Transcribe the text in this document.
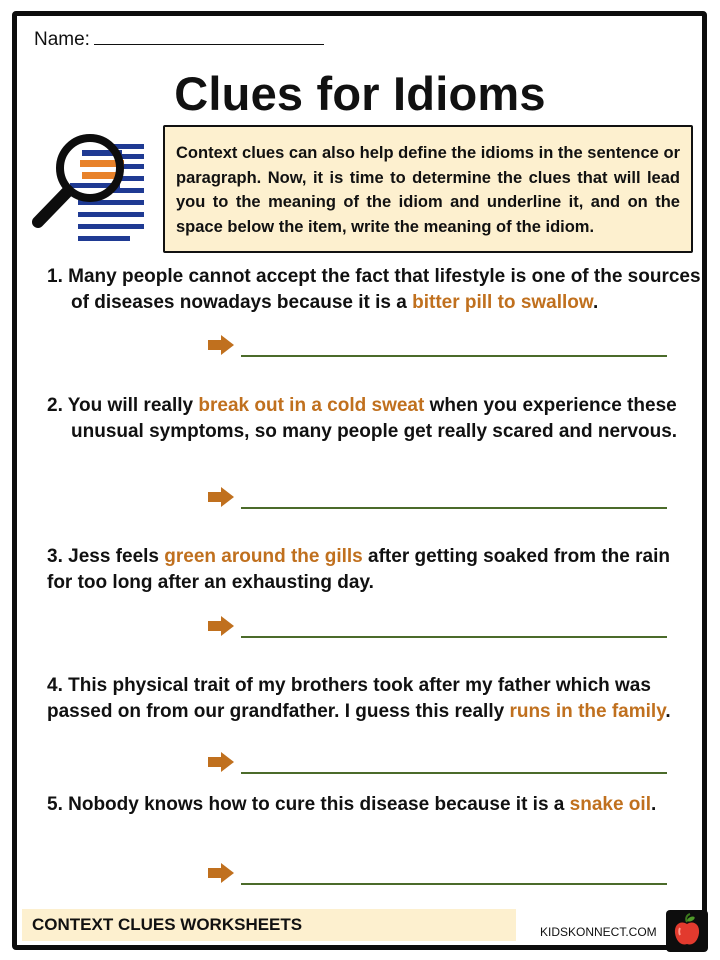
Name:
Clues for Idioms
Context clues can also help define the idioms in the sentence or paragraph. Now, it is time to determine the clues that will lead you to the meaning of the idiom and underline it, and on the space below the item, write the meaning of the idiom.
1. Many people cannot accept the fact that lifestyle is one of the sources of diseases nowadays because it is a bitter pill to swallow.
2. You will really break out in a cold sweat when you experience these unusual symptoms, so many people get really scared and nervous.
3. Jess feels green around the gills after getting soaked from the rain for too long after an exhausting day.
4. This physical trait of my brothers took after my father which was passed on from our grandfather. I guess this really runs in the family.
5. Nobody knows how to cure this disease because it is a snake oil.
CONTEXT CLUES WORKSHEETS	KIDSKONNECT.COM
